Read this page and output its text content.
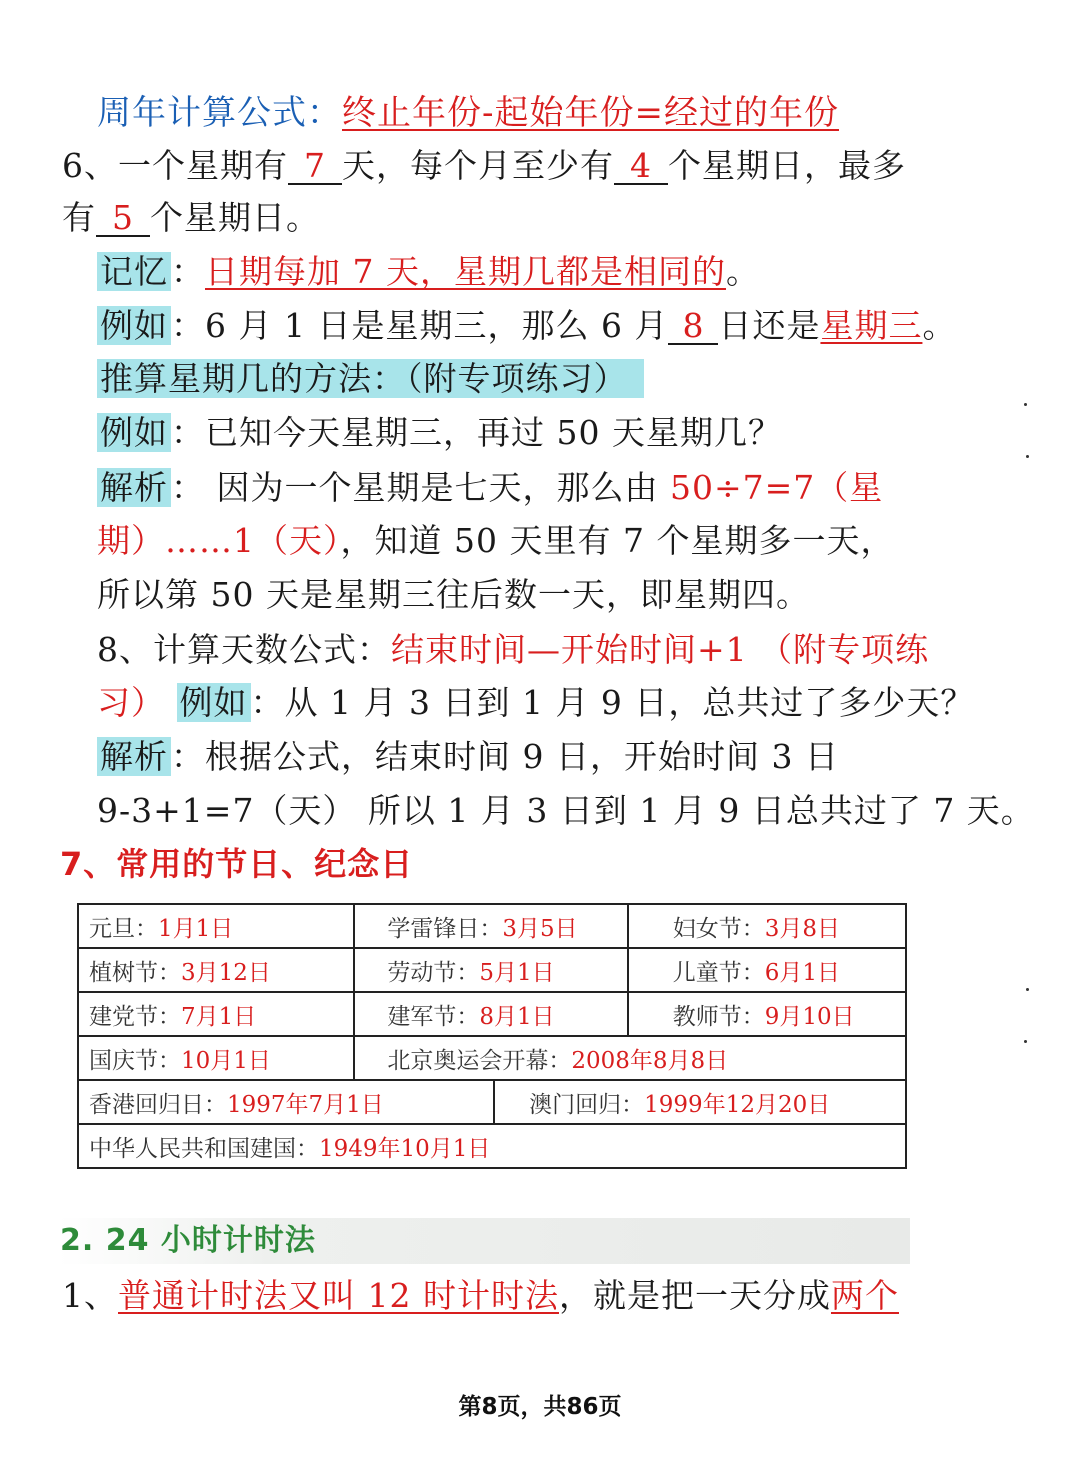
周年计算公式：终止年份-起始年份=经过的年份
6、一个星期有 7 天，每个月至少有 4 个星期日，最多
有 5 个星期日。
记忆：日期每加 7 天，星期几都是相同的。
例如：6 月 1 日是星期三，那么 6 月 8 日还是星期三。
推算星期几的方法：（附专项练习）
例如：已知今天星期三，再过 50 天星期几？
解析： 因为一个星期是七天，那么由 50÷7=7（星
期）……1（天），知道 50 天里有 7 个星期多一天，
所以第 50 天是星期三往后数一天，即星期四。
8、计算天数公式：结束时间—开始时间+1 （附专项练
习） 例如：从 1 月 3 日到 1 月 9 日，总共过了多少天？
解析：根据公式，结束时间 9 日，开始时间 3 日
9-3+1=7（天） 所以 1 月 3 日到 1 月 9 日总共过了 7 天。
7、常用的节日、纪念日
元旦：1月1日	学雷锋日：3月5日		妇女节：3月8日
植树节：3月12日	劳动节：5月1日		儿童节：6月1日
建党节：7月1日	建军节：8月1日		教师节：9月10日
国庆节：10月1日	北京奥运会开幕：2008年8月8日		
香港回归日：1997年7月1日		澳门回归：1999年12月20日	
中华人民共和国建国：1949年10月1日			
2. 24 小时计时法
1、普通计时法又叫 12 时计时法，就是把一天分成两个
第8页，共86页
